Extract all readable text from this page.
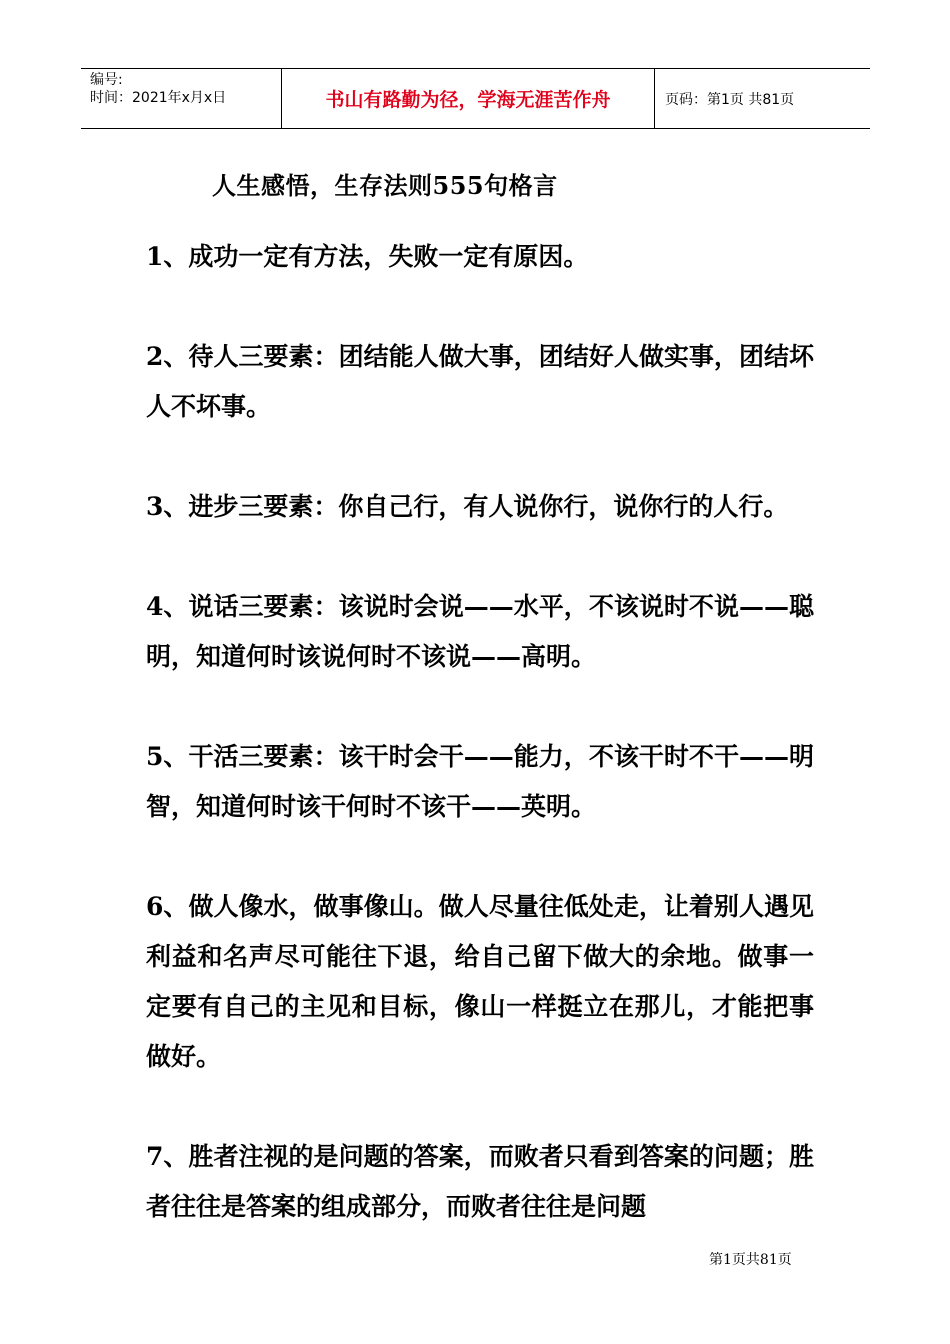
编号:
时间：2021年x月x日	书山有路勤为径，学海无涯苦作舟	页码：第1页 共81页
人生感悟，生存法则555句格言

1、成功一定有方法，失败一定有原因。

2、待人三要素：团结能人做大事，团结好人做实事，团结坏人不坏事。

3、进步三要素：你自己行，有人说你行，说你行的人行。

4、说话三要素：该说时会说——水平，不该说时不说——聪明，知道何时该说何时不该说——高明。

5、干活三要素：该干时会干——能力，不该干时不干——明智，知道何时该干何时不该干——英明。

6、做人像水，做事像山。做人尽量往低处走，让着别人遇见利益和名声尽可能往下退，给自己留下做大的余地。做事一定要有自己的主见和目标，像山一样挺立在那儿，才能把事做好。

7、胜者注视的是问题的答案，而败者只看到答案的问题；胜者往往是答案的组成部分，而败者往往是问题

第1页共81页
